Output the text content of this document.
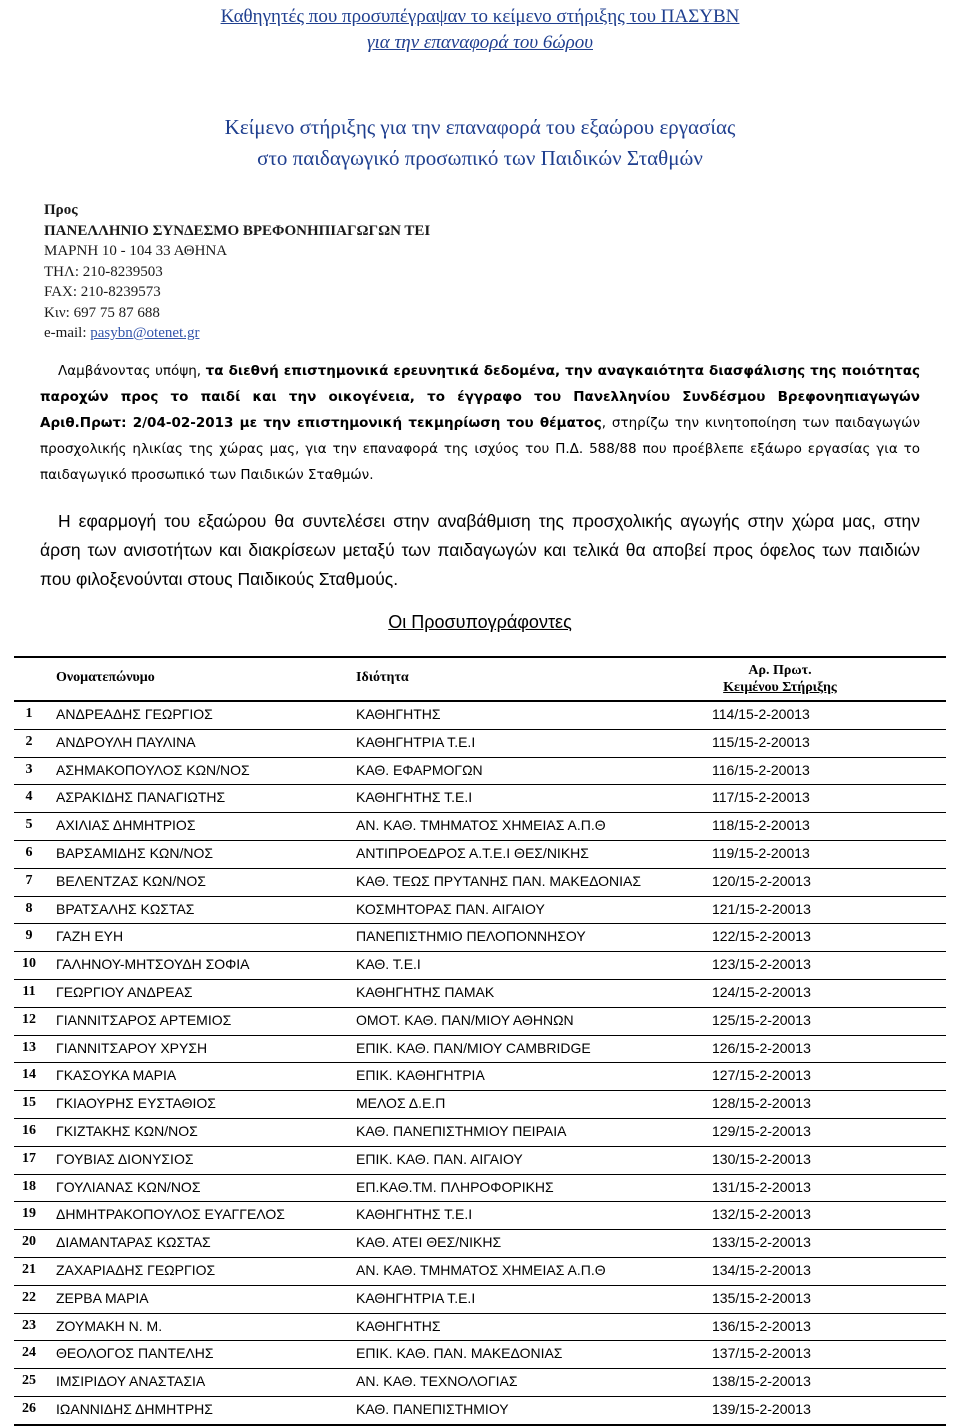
Καθηγητές που προσυπέγραψαν το κείμενο στήριξης του ΠΑΣΥΒΝ
για την επαναφορά του 6ώρου
Κείμενο στήριξης για την επαναφορά του εξαώρου εργασίας
στο παιδαγωγικό προσωπικό των Παιδικών Σταθμών
Προς
ΠΑΝΕΛΛΗΝΙΟ ΣΥΝΔΕΣΜΟ ΒΡΕΦΟΝΗΠΙΑΓΩΓΩΝ ΤΕΙ
ΜΑΡΝΗ 10 - 104 33 ΑΘΗΝΑ
ΤΗΛ: 210-8239503
FAX: 210-8239573
Κιν: 697 75 87 688
e-mail: pasybn@otenet.gr
Λαμβάνοντας υπόψη, τα διεθνή επιστημονικά ερευνητικά δεδομένα, την αναγκαιότητα διασφάλισης της ποιότητας παροχών προς το παιδί και την οικογένεια, το έγγραφο του Πανελληνίου Συνδέσμου Βρεφονηπιαγωγών Αριθ.Πρωτ: 2/04-02-2013 με την επιστημονική τεκμηρίωση του θέματος, στηρίζω την κινητοποίηση των παιδαγωγών προσχολικής ηλικίας της χώρας μας, για την επαναφορά της ισχύος του Π.Δ. 588/88 που προέβλεπε εξάωρο εργασίας για το παιδαγωγικό προσωπικό των Παιδικών Σταθμών.
Η εφαρμογή του εξαώρου θα συντελέσει στην αναβάθμιση της προσχολικής αγωγής στην χώρα μας, στην άρση των ανισοτήτων και διακρίσεων μεταξύ των παιδαγωγών και τελικά θα αποβεί προς όφελος των παιδιών που φιλοξενούνται στους Παιδικούς Σταθμούς.
Οι Προσυπογράφοντες
Ονοματεπώνυμο	Ιδιότητα	Αρ. Πρωτ.
Κειμένου Στήριξης
1	ΑΝΔΡΕΑΔΗΣ ΓΕΩΡΓΙΟΣ	ΚΑΘΗΓΗΤΗΣ	114/15-2-20013
2	ΑΝΔΡΟΥΛΗ ΠΑΥΛΙΝΑ	ΚΑΘΗΓΗΤΡΙΑ Τ.Ε.Ι	115/15-2-20013
3	ΑΣΗΜΑΚΟΠΟΥΛΟΣ ΚΩΝ/ΝΟΣ	ΚΑΘ. ΕΦΑΡΜΟΓΩΝ	116/15-2-20013
4	ΑΣΡΑΚΙΔΗΣ ΠΑΝΑΓΙΩΤΗΣ	ΚΑΘΗΓΗΤΗΣ Τ.Ε.Ι	117/15-2-20013
5	ΑΧΙΛΙΑΣ ΔΗΜΗΤΡΙΟΣ	ΑΝ. ΚΑΘ. ΤΜΗΜΑΤΟΣ ΧΗΜΕΙΑΣ Α.Π.Θ	118/15-2-20013
6	ΒΑΡΣΑΜΙΔΗΣ ΚΩΝ/ΝΟΣ	ΑΝΤΙΠΡΟΕΔΡΟΣ Α.Τ.Ε.Ι ΘΕΣ/ΝΙΚΗΣ	119/15-2-20013
7	ΒΕΛΕΝΤΖΑΣ ΚΩΝ/ΝΟΣ	ΚΑΘ. ΤΕΩΣ ΠΡΥΤΑΝΗΣ ΠΑΝ. ΜΑΚΕΔΟΝΙΑΣ	120/15-2-20013
8	ΒΡΑΤΣΑΛΗΣ ΚΩΣΤΑΣ	ΚΟΣΜΗΤΟΡΑΣ ΠΑΝ. ΑΙΓΑΙΟΥ	121/15-2-20013
9	ΓΑΖΗ ΕΥΗ	ΠΑΝΕΠΙΣΤΗΜΙΟ ΠΕΛΟΠΟΝΝΗΣΟΥ	122/15-2-20013
10	ΓΑΛΗΝΟΥ-ΜΗΤΣΟΥΔΗ ΣΟΦΙΑ	ΚΑΘ. Τ.Ε.Ι	123/15-2-20013
11	ΓΕΩΡΓΙΟΥ ΑΝΔΡΕΑΣ	ΚΑΘΗΓΗΤΗΣ ΠΑΜΑΚ	124/15-2-20013
12	ΓΙΑΝΝΙΤΣΑΡΟΣ ΑΡΤΕΜΙΟΣ	ΟΜΟΤ. ΚΑΘ. ΠΑΝ/ΜΙΟΥ ΑΘΗΝΩΝ	125/15-2-20013
13	ΓΙΑΝΝΙΤΣΑΡΟΥ ΧΡΥΣΗ	ΕΠΙΚ. ΚΑΘ. ΠΑΝ/ΜΙΟΥ CAMBRIDGE	126/15-2-20013
14	ΓΚΑΣΟΥΚΑ ΜΑΡΙΑ	ΕΠΙΚ. ΚΑΘΗΓΗΤΡΙΑ	127/15-2-20013
15	ΓΚΙΑΟΥΡΗΣ ΕΥΣΤΑΘΙΟΣ	ΜΕΛΟΣ Δ.Ε.Π	128/15-2-20013
16	ΓΚΙΖΤΑΚΗΣ ΚΩΝ/ΝΟΣ	ΚΑΘ. ΠΑΝΕΠΙΣΤΗΜΙΟΥ ΠΕΙΡΑΙΑ	129/15-2-20013
17	ΓΟΥΒΙΑΣ ΔΙΟΝΥΣΙΟΣ	ΕΠΙΚ. ΚΑΘ. ΠΑΝ. ΑΙΓΑΙΟΥ	130/15-2-20013
18	ΓΟΥΛΙΑΝΑΣ ΚΩΝ/ΝΟΣ	ΕΠ.ΚΑΘ.ΤΜ. ΠΛΗΡΟΦΟΡΙΚΗΣ	131/15-2-20013
19	ΔΗΜΗΤΡΑΚΟΠΟΥΛΟΣ ΕΥΑΓΓΕΛΟΣ	ΚΑΘΗΓΗΤΗΣ Τ.Ε.Ι	132/15-2-20013
20	ΔΙΑΜΑΝΤΑΡΑΣ ΚΩΣΤΑΣ	ΚΑΘ. ΑΤΕΙ ΘΕΣ/ΝΙΚΗΣ	133/15-2-20013
21	ΖΑΧΑΡΙΑΔΗΣ ΓΕΩΡΓΙΟΣ	ΑΝ. ΚΑΘ. ΤΜΗΜΑΤΟΣ ΧΗΜΕΙΑΣ Α.Π.Θ	134/15-2-20013
22	ΖΕΡΒΑ ΜΑΡΙΑ	ΚΑΘΗΓΗΤΡΙΑ Τ.Ε.Ι	135/15-2-20013
23	ΖΟΥΜΑΚΗ Ν. Μ.	ΚΑΘΗΓΗΤΗΣ	136/15-2-20013
24	ΘΕΟΛΟΓΟΣ ΠΑΝΤΕΛΗΣ	ΕΠΙΚ. ΚΑΘ. ΠΑΝ. ΜΑΚΕΔΟΝΙΑΣ	137/15-2-20013
25	ΙΜΣΙΡΙΔΟΥ ΑΝΑΣΤΑΣΙΑ	ΑΝ. ΚΑΘ. ΤΕΧΝΟΛΟΓΙΑΣ	138/15-2-20013
26	ΙΩΑΝΝΙΔΗΣ ΔΗΜΗΤΡΗΣ	ΚΑΘ. ΠΑΝΕΠΙΣΤΗΜΙΟΥ	139/15-2-20013
